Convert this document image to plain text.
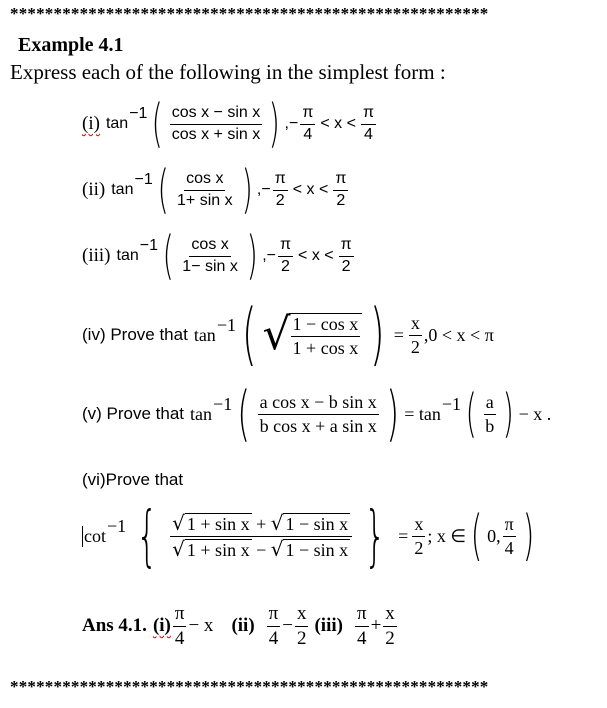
*******************************************************
Example 4.1
Express each of the following in the simplest form :
(i) tan
−1 ( $\frac{\text{cos x − sin x}}{\text{cos x + sin x}}$ ) ,− $\frac{\pi}{4} < x < \frac{\pi}{4}$
(ii) tan
−1 ( $\frac{\text{cos x}}{\text{1+ sin x}}$ ) ,− $\frac{\pi}{2} < x < \frac{\pi}{2}$
(iii) tan
−1 ( $\frac{\text{cos x}}{\text{1− sin x}}$ ) ,− $\frac{\pi}{2} < x < \frac{\pi}{2}$
(iv) Prove that tan −1 ( √
$\frac{\text{1 − cos x}}{\text{1 + cos x}}$ ) = $\frac{x}{2} ,0 < x < \pi$
(v) Prove that tan −1 ( $\frac{\text{a cos x − b sin x}}{\text{b cos x + a sin x}}$ ) = tan −1 ( $\frac{a}{b}$ ) − x .
(vi)Prove that
cot −1 { $\frac{\text{√ 1 + sin x + √ 1 − sin x}}{\text{√ 1 + sin x − √ 1 − sin x}}$ } = $\frac{x}{2}$ ; x ∈ ( 0, $\frac{\pi}{4}$ )
Ans 4.1. $(i) \frac{\pi}{4} - x$ $(ii) \frac{\pi}{4} - \frac{x}{2} (iii) \frac{\pi}{4} + \frac{x}{2}$
*******************************************************
